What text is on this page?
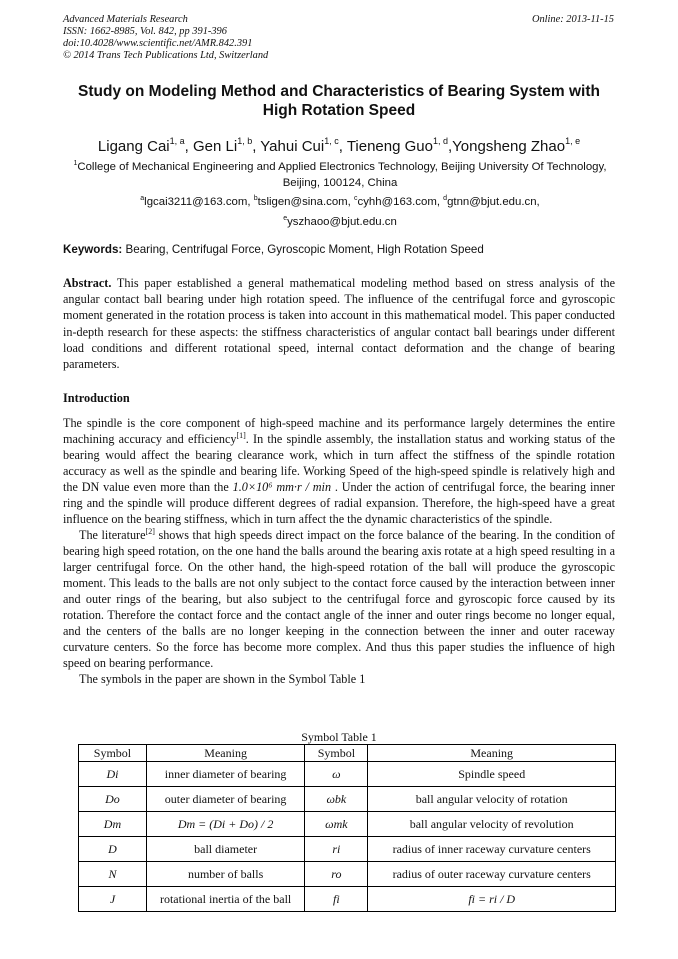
Advanced Materials Research
ISSN: 1662-8985, Vol. 842, pp 391-396
doi:10.4028/www.scientific.net/AMR.842.391
© 2014 Trans Tech Publications Ltd, Switzerland
Online: 2013-11-15
Study on Modeling Method and Characteristics of Bearing System with High Rotation Speed
Ligang Cai$^{1, a}$, Gen Li$^{1, b}$, Yahui Cui$^{1, c}$, Tieneng Guo$^{1, d}$,Yongsheng Zhao$^{1, e}$
$^1$College of Mechanical Engineering and Applied Electronics Technology, Beijing University Of Technology, Beijing, 100124, China
$^a$lgcai3211@163.com, $^b$tsligen@sina.com, $^c$cyhh@163.com, $^d$gtnn@bjut.edu.cn,
$^e$yszhaoo@bjut.edu.cn
Keywords: Bearing, Centrifugal Force, Gyroscopic Moment, High Rotation Speed
Abstract. This paper established a general mathematical modeling method based on stress analysis of the angular contact ball bearing under high rotation speed. The influence of the centrifugal force and gyroscopic moment generated in the rotation process is taken into account in this mathematical model. This paper conducted in-depth research for these aspects: the stiffness characteristics of angular contact ball bearings under different load conditions and different rotational speed, internal contact deformation and the change of bearing parameters.
Introduction

The spindle is the core component of high-speed machine and its performance largely determines the entire machining accuracy and efficiency[1]. In the spindle assembly, the installation status and working status of the bearing would affect the bearing clearance work, which in turn affect the stiffness of the spindle rotation accuracy as well as the spindle and bearing life. Working Speed of the high-speed spindle is relatively high and the DN value even more than the 1.0×10⁶ mm·r / min . Under the action of centrifugal force, the bearing inner ring and the spindle will produce different degrees of radial expansion. Therefore, the high-speed have a great influence on the bearing stiffness, which in turn affect the the dynamic characteristics of the spindle.

The literature[2] shows that high speeds direct impact on the force balance of the bearing. In the condition of bearing high speed rotation, on the one hand the balls around the bearing axis rotate at a high speed resulting in a larger centrifugal force. On the other hand, the high-speed rotation of the ball will produce the gyroscopic moment. This leads to the balls are not only subject to the contact force caused by the interaction between inner and outer rings of the bearing, but also subject to the centrifugal force and gyroscopic force caused by its rotation. Therefore the contact force and the contact angle of the inner and outer rings become no longer equal, and the centers of the balls are no longer keeping in the connection between the inner and outer raceway curvature centers. So the force has become more complex. And thus this paper studies the influence of high speed on bearing performance.

The symbols in the paper are shown in the Symbol Table 1

Symbol Table 1
Symbol	Meaning	Symbol	Meaning
Di	inner diameter of bearing	ω	Spindle speed
Do	outer diameter of bearing	ωbk	ball angular velocity of rotation
Dm	Dm = (Di + Do) / 2	ωmk	ball angular velocity of revolution
D	ball diameter	ri	radius of inner raceway curvature centers
N	number of balls	ro	radius of outer raceway curvature centers
J	rotational inertia of the ball	fi	fi = ri / D
